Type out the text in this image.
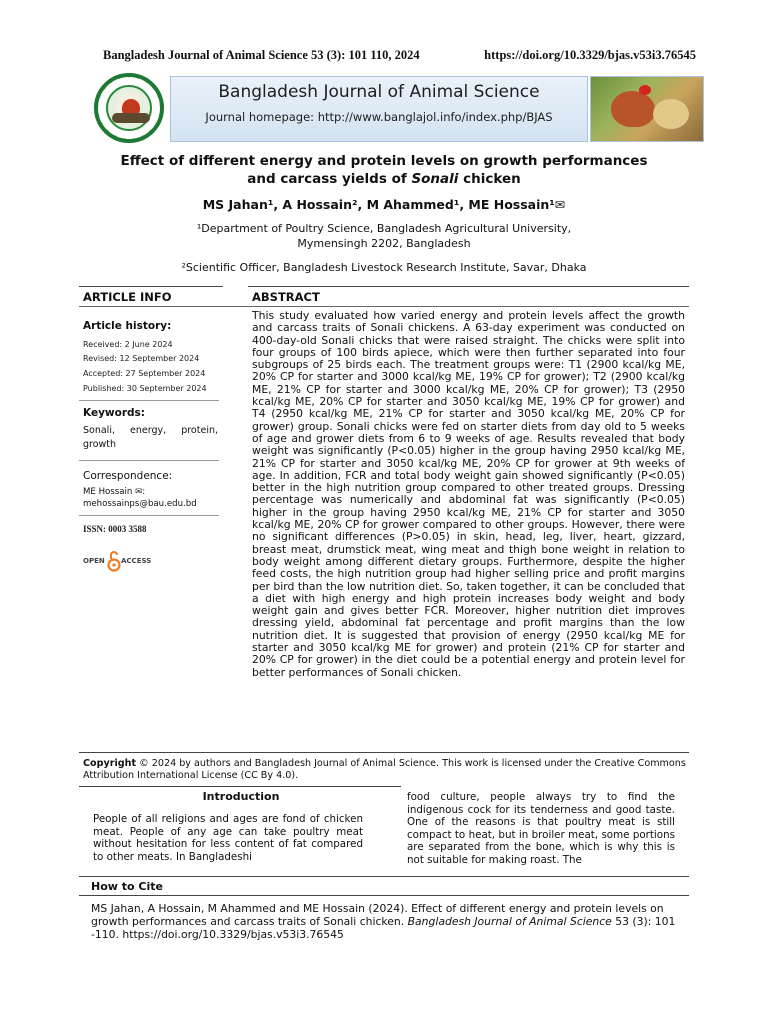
Bangladesh Journal of Animal Science 53 (3): 101 110, 2024	https://doi.org/10.3329/bjas.v53i3.76545
Bangladesh Journal of Animal Science
Journal homepage: http://www.banglajol.info/index.php/BJAS
Effect of different energy and protein levels on growth performances
and carcass yields of Sonali chicken
MS Jahan¹, A Hossain², M Ahammed¹, ME Hossain¹✉
¹Department of Poultry Science, Bangladesh Agricultural University,
Mymensingh 2202, Bangladesh
²Scientific Officer, Bangladesh Livestock Research Institute, Savar, Dhaka
ARTICLE INFO	ABSTRACT
Article history:
Received: 2 June 2024
Revised: 12 September 2024
Accepted: 27 September 2024
Published: 30 September 2024
Keywords:
Sonali, energy, protein, growth
Correspondence:
ME Hossain ✉:
mehossainps@bau.edu.bd
ISSN: 0003 3588
OPEN ACCESS
This study evaluated how varied energy and protein levels affect the growth and carcass traits of Sonali chickens. A 63-day experiment was conducted on 400-day-old Sonali chicks that were raised straight. The chicks were split into four groups of 100 birds apiece, which were then further separated into four subgroups of 25 birds each. The treatment groups were: T1 (2900 kcal/kg ME, 20% CP for starter and 3000 kcal/kg ME, 19% CP for grower); T2 (2900 kcal/kg ME, 21% CP for starter and 3000 kcal/kg ME, 20% CP for grower); T3 (2950 kcal/kg ME, 20% CP for starter and 3050 kcal/kg ME, 19% CP for grower) and T4 (2950 kcal/kg ME, 21% CP for starter and 3050 kcal/kg ME, 20% CP for grower) group. Sonali chicks were fed on starter diets from day old to 5 weeks of age and grower diets from 6 to 9 weeks of age. Results revealed that body weight was significantly (P<0.05) higher in the group having 2950 kcal/kg ME, 21% CP for starter and 3050 kcal/kg ME, 20% CP for grower at 9th weeks of age. In addition, FCR and total body weight gain showed significantly (P<0.05) better in the high nutrition group compared to other treated groups. Dressing percentage was numerically and abdominal fat was significantly (P<0.05) higher in the group having 2950 kcal/kg ME, 21% CP for starter and 3050 kcal/kg ME, 20% CP for grower compared to other groups. However, there were no significant differences (P>0.05) in skin, head, leg, liver, heart, gizzard, breast meat, drumstick meat, wing meat and thigh bone weight in relation to body weight among different dietary groups. Furthermore, despite the higher feed costs, the high nutrition group had higher selling price and profit margins per bird than the low nutrition diet. So, taken together, it can be concluded that a diet with high energy and high protein increases body weight and body weight gain and gives better FCR. Moreover, higher nutrition diet improves dressing yield, abdominal fat percentage and profit margins than the low nutrition diet. It is suggested that provision of energy (2950 kcal/kg ME for starter and 3050 kcal/kg ME for grower) and protein (21% CP for starter and 20% CP for grower) in the diet could be a potential energy and protein level for better performances of Sonali chicken.
Copyright © 2024 by authors and Bangladesh Journal of Animal Science. This work is licensed under the Creative Commons Attribution International License (CC By 4.0).
Introduction
People of all religions and ages are fond of chicken meat. People of any age can take poultry meat without hesitation for less content of fat compared to other meats. In Bangladeshi
food culture, people always try to find the indigenous cock for its tenderness and good taste. One of the reasons is that poultry meat is still compact to heat, but in broiler meat, some portions are separated from the bone, which is why this is not suitable for making roast. The
How to Cite
MS Jahan, A Hossain, M Ahammed and ME Hossain (2024). Effect of different energy and protein levels on growth performances and carcass traits of Sonali chicken. Bangladesh Journal of Animal Science 53 (3): 101 -110. https://doi.org/10.3329/bjas.v53i3.76545
